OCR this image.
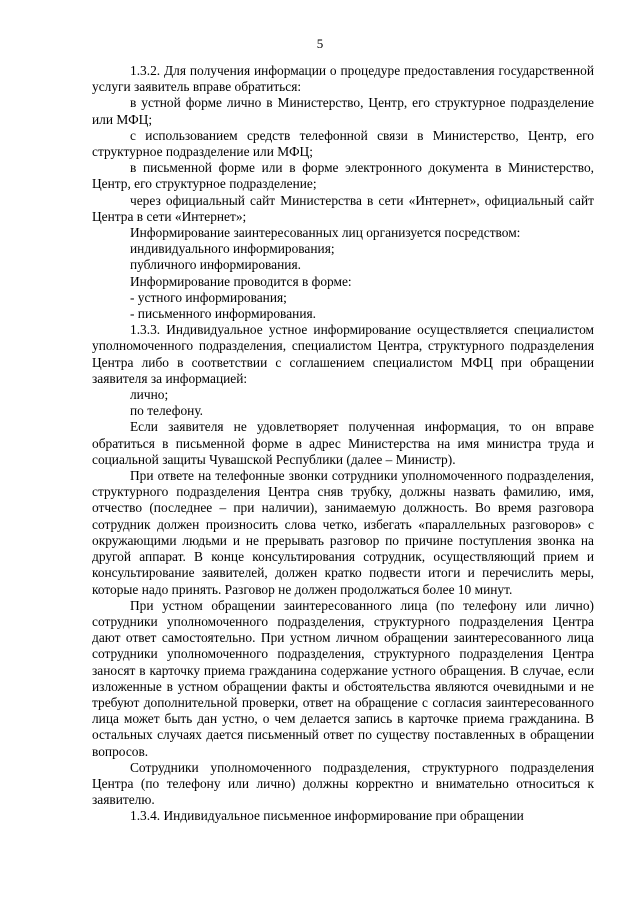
5

1.3.2. Для получения информации о процедуре предоставления государственной услуги заявитель вправе обратиться:

в устной форме лично в Министерство, Центр, его структурное подразделение или МФЦ;

с использованием средств телефонной связи в Министерство, Центр, его структурное подразделение или МФЦ;

в письменной форме или в форме электронного документа в Министерство, Центр, его структурное подразделение;

через официальный сайт Министерства в сети «Интернет», официальный сайт Центра в сети «Интернет»;

Информирование заинтересованных лиц организуется посредством:

индивидуального информирования;

публичного информирования.

Информирование проводится в форме:

- устного информирования;

- письменного информирования.

1.3.3. Индивидуальное устное информирование осуществляется специалистом уполномоченного подразделения, специалистом Центра, структурного подразделения Центра либо в соответствии с соглашением специалистом МФЦ при обращении заявителя за информацией:

лично;

по телефону.

Если заявителя не удовлетворяет полученная информация, то он вправе обратиться в письменной форме в адрес Министерства на имя министра труда и социальной защиты Чувашской Республики (далее – Министр).

При ответе на телефонные звонки сотрудники уполномоченного подразделения, структурного подразделения Центра сняв трубку, должны назвать фамилию, имя, отчество (последнее – при наличии), занимаемую должность. Во время разговора сотрудник должен произносить слова четко, избегать «параллельных разговоров» с окружающими людьми и не прерывать разговор по причине поступления звонка на другой аппарат. В конце консультирования сотрудник, осуществляющий прием и консультирование заявителей, должен кратко подвести итоги и перечислить меры, которые надо принять. Разговор не должен продолжаться более 10 минут.

При устном обращении заинтересованного лица (по телефону или лично) сотрудники уполномоченного подразделения, структурного подразделения Центра дают ответ самостоятельно. При устном личном обращении заинтересованного лица сотрудники уполномоченного подразделения, структурного подразделения Центра заносят в карточку приема гражданина содержание устного обращения. В случае, если изложенные в устном обращении факты и обстоятельства являются очевидными и не требуют дополнительной проверки, ответ на обращение с согласия заинтересованного лица может быть дан устно, о чем делается запись в карточке приема гражданина. В остальных случаях дается письменный ответ по существу поставленных в обращении вопросов.

Сотрудники уполномоченного подразделения, структурного подразделения Центра (по телефону или лично) должны корректно и внимательно относиться к заявителю.

1.3.4. Индивидуальное письменное информирование при обращении
